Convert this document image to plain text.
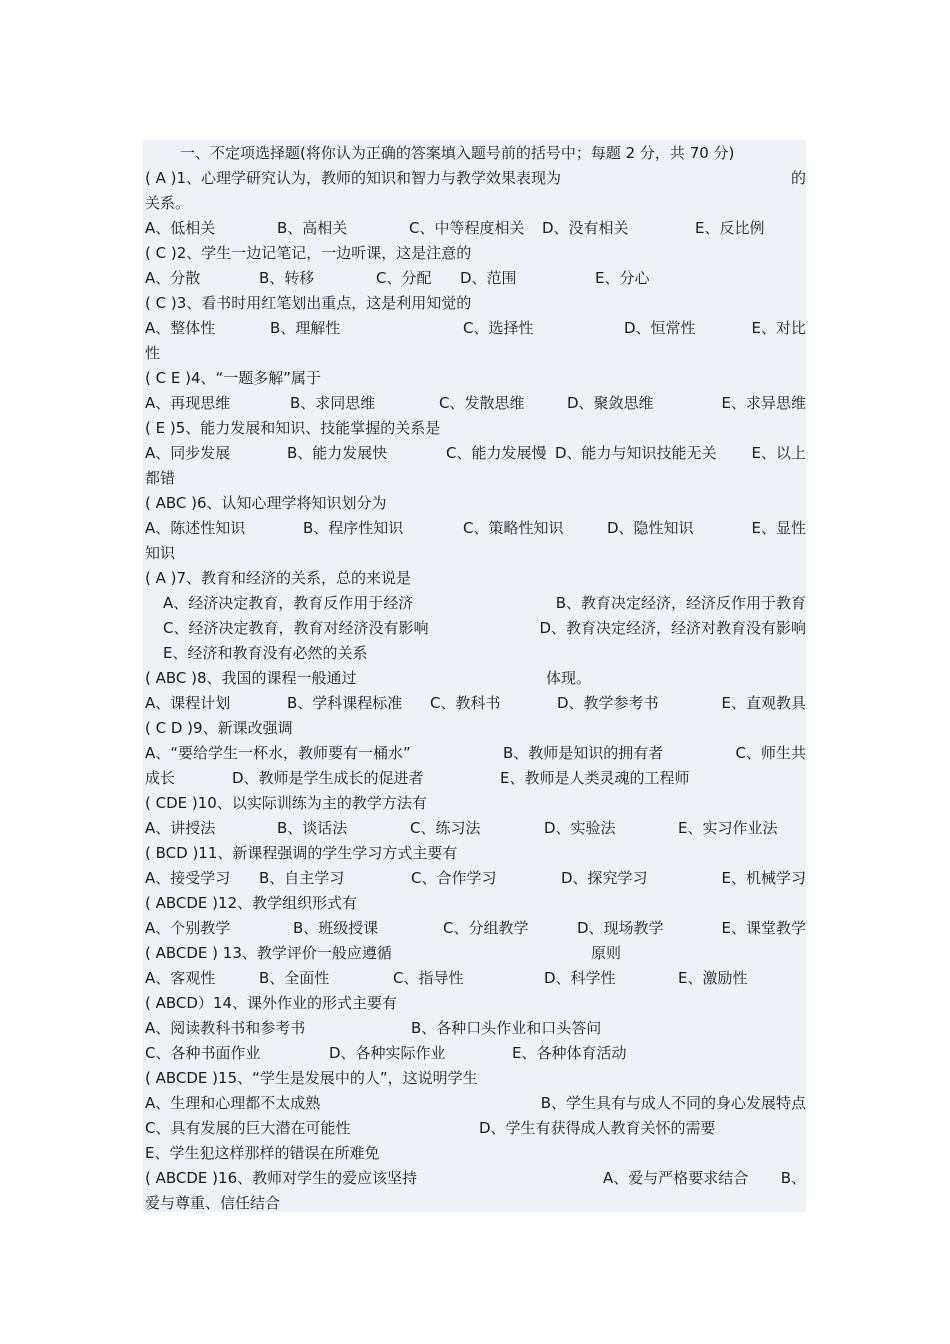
一、不定项选择题(将你认为正确的答案填入题号前的括号中；每题 2 分，共 70 分)
( A )1、心理学研究认为，教师的知识和智力与教学效果表现为	的
关系。
A、低相关	B、高相关	C、中等程度相关 D、没有相关	E、反比例
( C )2、学生一边记笔记，一边听课，这是注意的
A、分散	B、转移	C、分配 D、范围	E、分心
( C )3、看书时用红笔划出重点，这是利用知觉的
A、整体性	B、理解性	C、选择性	D、恒常性	E、对比
性
( C E )4、“一题多解”属于
A、再现思维	B、求同思维	C、发散思维	D、聚敛思维	E、求异思维
( E )5、能力发展和知识、技能掌握的关系是
A、同步发展	B、能力发展快	C、能力发展慢 D、能力与知识技能无关 E、以上
都错
( ABC )6、认知心理学将知识划分为
A、陈述性知识	B、程序性知识	C、策略性知识	D、隐性知识	E、显性
知识
( A )7、教育和经济的关系，总的来说是
A、经济决定教育，教育反作用于经济	B、教育决定经济，经济反作用于教育
C、经济决定教育，教育对经济没有影响	D、教育决定经济，经济对教育没有影响
E、经济和教育没有必然的关系
( ABC )8、我国的课程一般通过	体现。
A、课程计划	B、学科课程标准 C、教科书	D、教学参考书	E、直观教具
( C D )9、新课改强调
A、“要给学生一杯水，教师要有一桶水”	B、教师是知识的拥有者	C、师生共
成长	D、教师是学生成长的促进者	E、教师是人类灵魂的工程师
( CDE )10、以实际训练为主的教学方法有
A、讲授法	B、谈话法	C、练习法	D、实验法	E、实习作业法
( BCD )11、新课程强调的学生学习方式主要有
A、接受学习 B、自主学习	C、合作学习	D、探究学习	E、机械学习
( ABCDE )12、教学组织形式有
A、个别教学	B、班级授课	C、分组教学	D、现场教学	E、课堂教学
( ABCDE ) 13、教学评价一般应遵循	原则
A、客观性	B、全面性	C、指导性	D、科学性	E、激励性
( ABCD）14、课外作业的形式主要有
A、阅读教科书和参考书	B、各种口头作业和口头答问
C、各种书面作业	D、各种实际作业	E、各种体育活动
( ABCDE )15、“学生是发展中的人”，这说明学生
A、生理和心理都不太成熟	B、学生具有与成人不同的身心发展特点
C、具有发展的巨大潜在可能性	D、学生有获得成人教育关怀的需要
E、学生犯这样那样的错误在所难免
( ABCDE )16、教师对学生的爱应该坚持	A、爱与严格要求结合 B、
爱与尊重、信任结合
